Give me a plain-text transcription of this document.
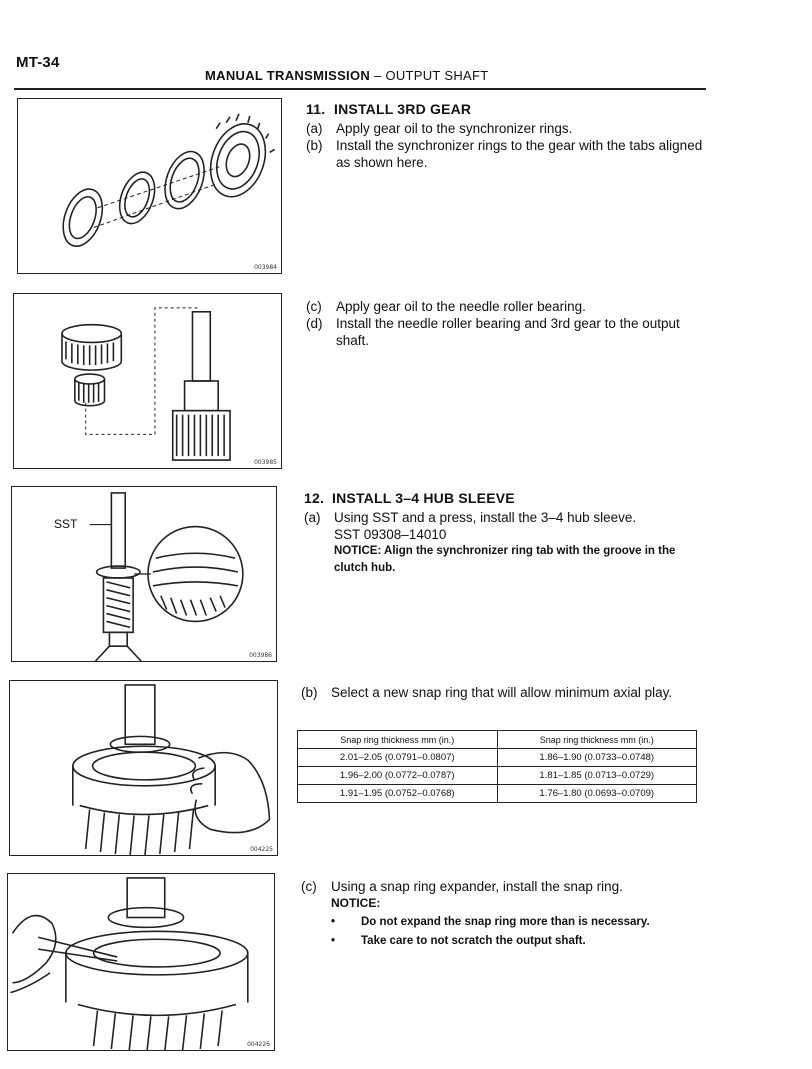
MT-34
MANUAL TRANSMISSION – OUTPUT SHAFT
003984
003985
SST
003986
004225
004226
11. INSTALL 3RD GEAR
(a)	Apply gear oil to the synchronizer rings.
(b)	Install the synchronizer rings to the gear with the tabs aligned as shown here.
(c)	Apply gear oil to the needle roller bearing.
(d)	Install the needle roller bearing and 3rd gear to the output shaft.
12. INSTALL 3–4 HUB SLEEVE
(a)	Using SST and a press, install the 3–4 hub sleeve.
SST 09308–14010
NOTICE: Align the synchronizer ring tab with the groove in the clutch hub.
(b)	Select a new snap ring that will allow minimum axial play.
Snap ring thickness mm (in.)	Snap ring thickness mm (in.)
2.01–2.05 (0.0791–0.0807)	1.86–1.90 (0.0733–0.0748)
1.96–2.00 (0.0772–0.0787)	1.81–1.85 (0.0713–0.0729)
1.91–1.95 (0.0752–0.0768)	1.76–1.80 (0.0693–0.0709)
(c)	Using a snap ring expander, install the snap ring.
NOTICE:
•	Do not expand the snap ring more than is necessary.
•	Take care to not scratch the output shaft.
